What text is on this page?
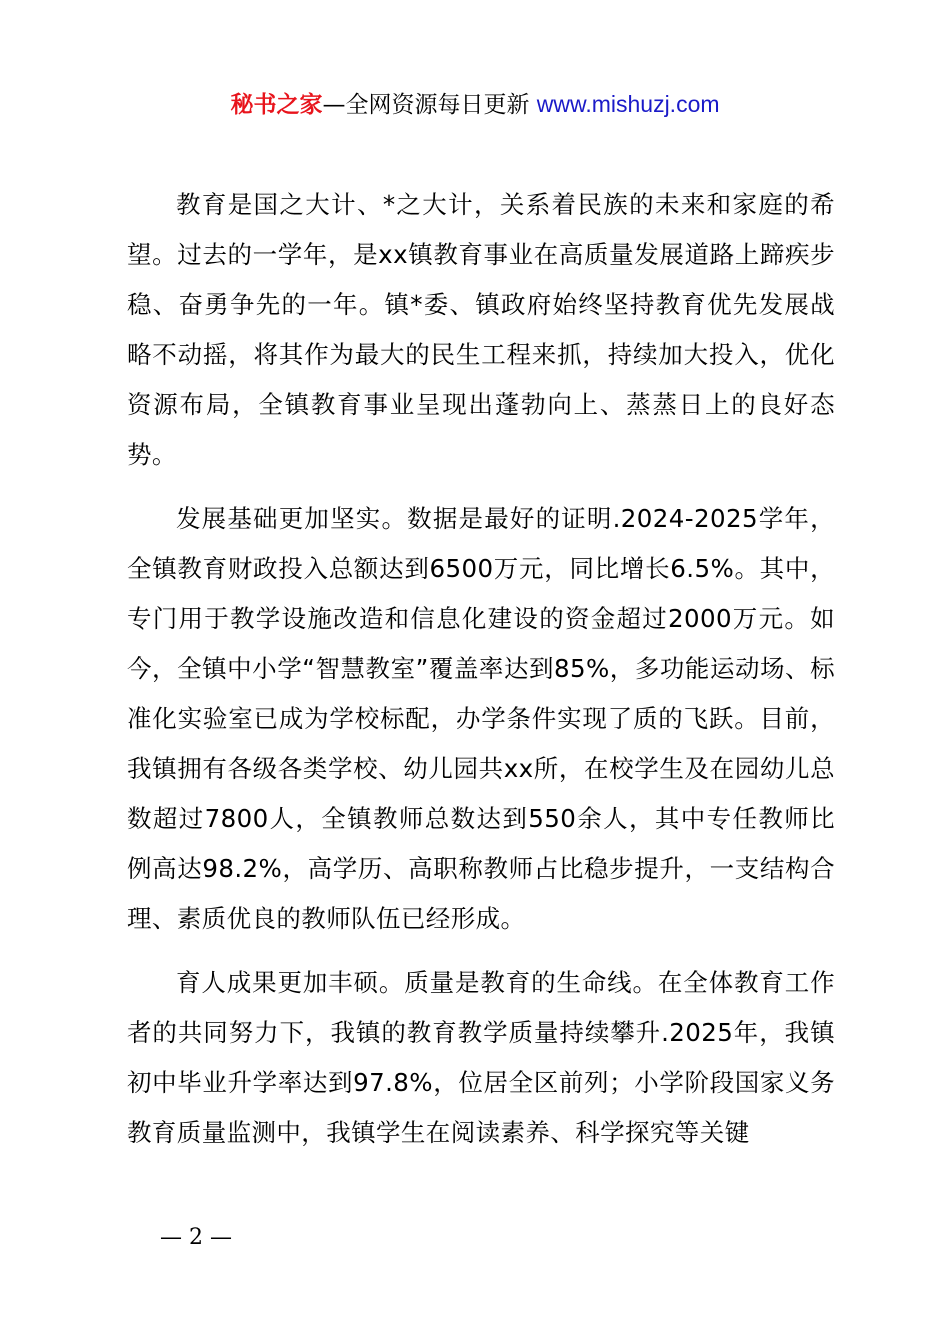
秘书之家—全网资源每日更新 www.mishuzj.com

教育是国之大计、*之大计，关系着民族的未来和家庭的希望。过去的一学年，是xx镇教育事业在高质量发展道路上蹄疾步稳、奋勇争先的一年。镇*委、镇政府始终坚持教育优先发展战略不动摇，将其作为最大的民生工程来抓，持续加大投入，优化资源布局，全镇教育事业呈现出蓬勃向上、蒸蒸日上的良好态势。

发展基础更加坚实。数据是最好的证明.2024-2025学年，全镇教育财政投入总额达到6500万元，同比增长6.5%。其中，专门用于教学设施改造和信息化建设的资金超过2000万元。如今，全镇中小学“智慧教室”覆盖率达到85%，多功能运动场、标准化实验室已成为学校标配，办学条件实现了质的飞跃。目前，我镇拥有各级各类学校、幼儿园共xx所，在校学生及在园幼儿总数超过7800人，全镇教师总数达到550余人，其中专任教师比例高达98.2%，高学历、高职称教师占比稳步提升，一支结构合理、素质优良的教师队伍已经形成。

育人成果更加丰硕。质量是教育的生命线。在全体教育工作者的共同努力下，我镇的教育教学质量持续攀升.2025年，我镇初中毕业升学率达到97.8%，位居全区前列；小学阶段国家义务教育质量监测中，我镇学生在阅读素养、科学探究等关键

— 2 —
